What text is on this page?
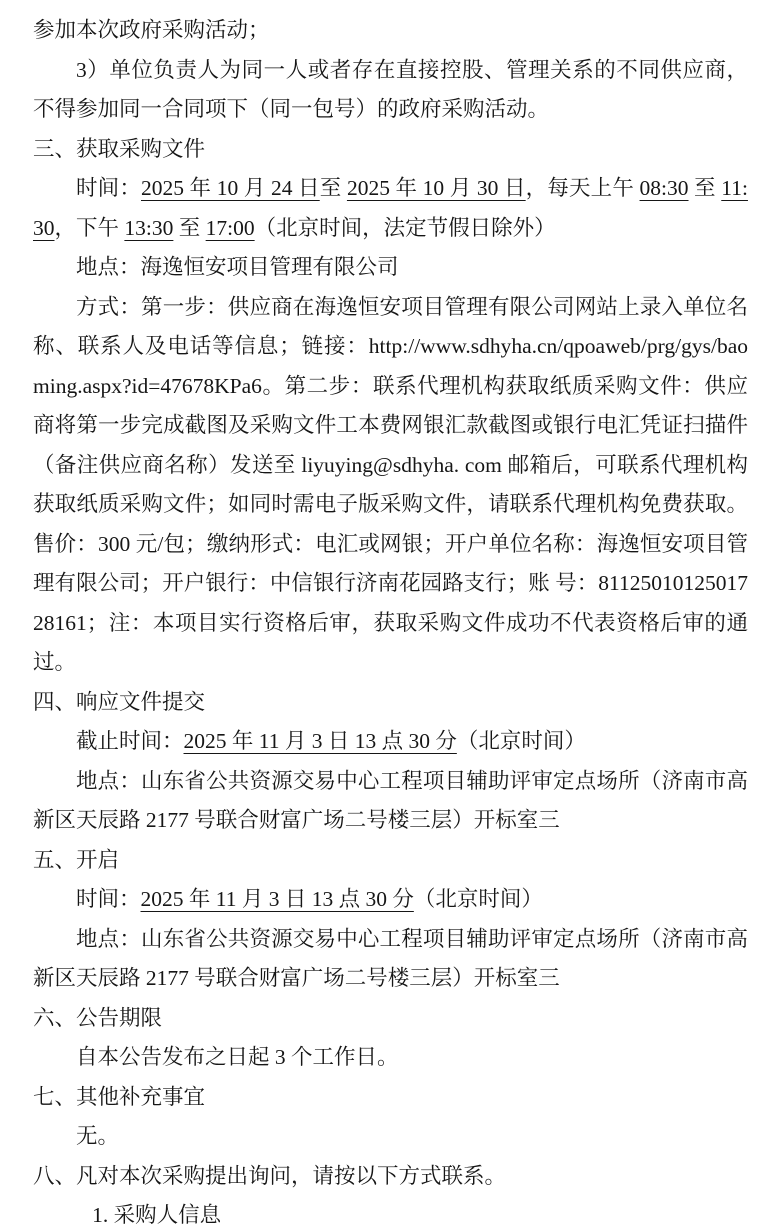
参加本次政府采购活动；
3）单位负责人为同一人或者存在直接控股、管理关系的不同供应商，不得参加同一合同项下（同一包号）的政府采购活动。
三、获取采购文件
时间：2025 年 10 月 24 日至 2025 年 10 月 30 日，每天上午 08:30 至 11:30，下午 13:30 至 17:00（北京时间，法定节假日除外）
地点：海逸恒安项目管理有限公司
方式：第一步：供应商在海逸恒安项目管理有限公司网站上录入单位名称、联系人及电话等信息；链接：http://www.sdhyha.cn/qpoaweb/prg/gys/baoming.aspx?id=47678KPa6。第二步：联系代理机构获取纸质采购文件：供应商将第一步完成截图及采购文件工本费网银汇款截图或银行电汇凭证扫描件（备注供应商名称）发送至 liyuying@sdhyha. com 邮箱后，可联系代理机构获取纸质采购文件；如同时需电子版采购文件，请联系代理机构免费获取。售价：300 元/包；缴纳形式：电汇或网银；开户单位名称：海逸恒安项目管理有限公司；开户银行：中信银行济南花园路支行；账 号：8112501012501728161；注：本项目实行资格后审，获取采购文件成功不代表资格后审的通过。
四、响应文件提交
截止时间：2025 年 11 月 3 日 13 点 30 分（北京时间）
地点：山东省公共资源交易中心工程项目辅助评审定点场所（济南市高新区天辰路 2177 号联合财富广场二号楼三层）开标室三
五、开启
时间：2025 年 11 月 3 日 13 点 30 分（北京时间）
地点：山东省公共资源交易中心工程项目辅助评审定点场所（济南市高新区天辰路 2177 号联合财富广场二号楼三层）开标室三
六、公告期限
自本公告发布之日起 3 个工作日。
七、其他补充事宜
无。
八、凡对本次采购提出询问，请按以下方式联系。
1. 采购人信息
